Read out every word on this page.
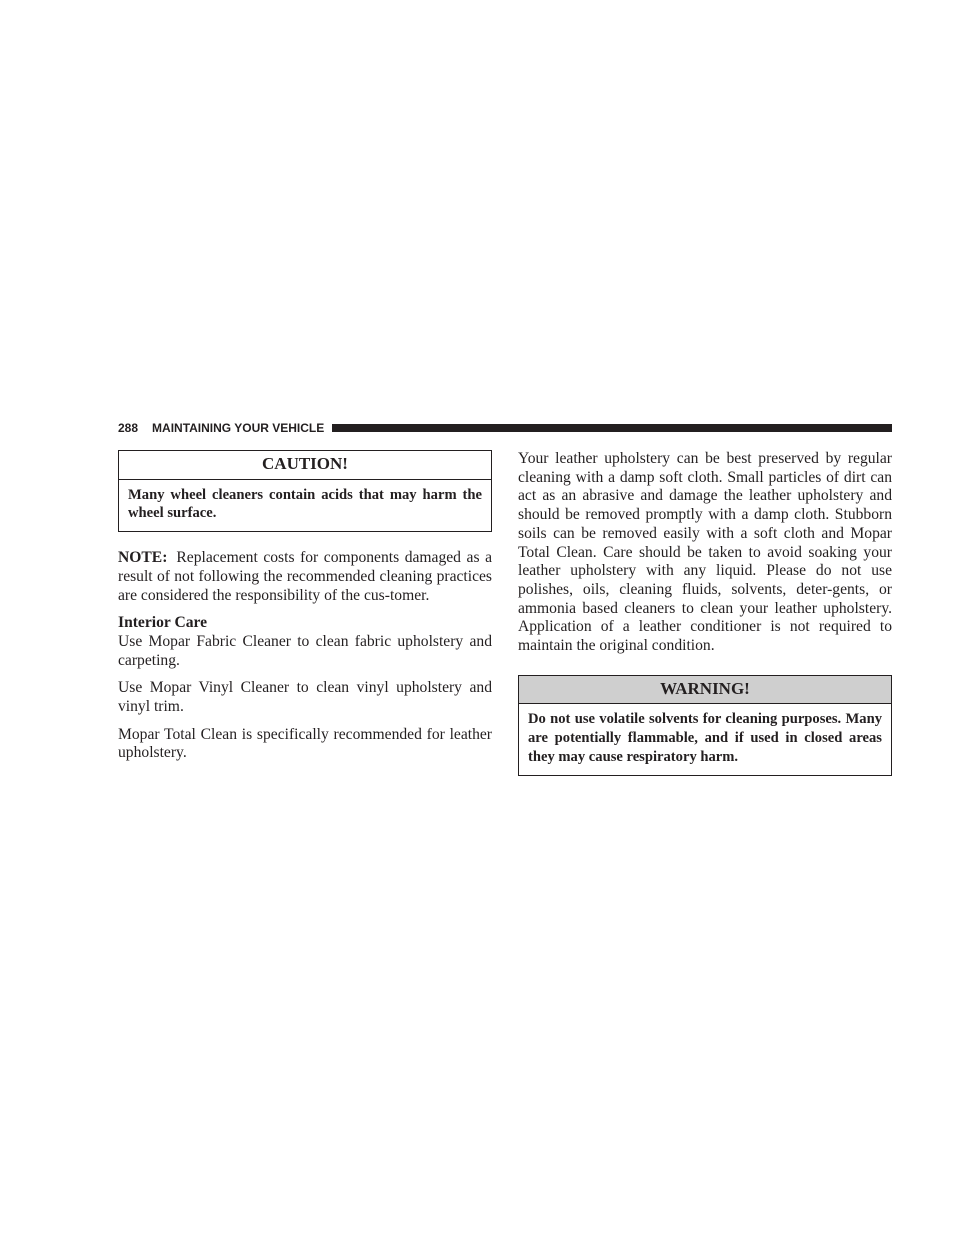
288 MAINTAINING YOUR VEHICLE
CAUTION!
Many wheel cleaners contain acids that may harm the wheel surface.

NOTE: Replacement costs for components damaged as a result of not following the recommended cleaning practices are considered the responsibility of the cus-tomer.

Interior Care

Use Mopar Fabric Cleaner to clean fabric upholstery and carpeting.

Use Mopar Vinyl Cleaner to clean vinyl upholstery and vinyl trim.

Mopar Total Clean is specifically recommended for leather upholstery.

Your leather upholstery can be best preserved by regular cleaning with a damp soft cloth. Small particles of dirt can act as an abrasive and damage the leather upholstery and should be removed promptly with a damp cloth. Stubborn soils can be removed easily with a soft cloth and Mopar Total Clean. Care should be taken to avoid soaking your leather upholstery with any liquid. Please do not use polishes, oils, cleaning fluids, solvents, deter-gents, or ammonia based cleaners to clean your leather upholstery. Application of a leather conditioner is not required to maintain the original condition.

WARNING!
Do not use volatile solvents for cleaning purposes. Many are potentially flammable, and if used in closed areas they may cause respiratory harm.
